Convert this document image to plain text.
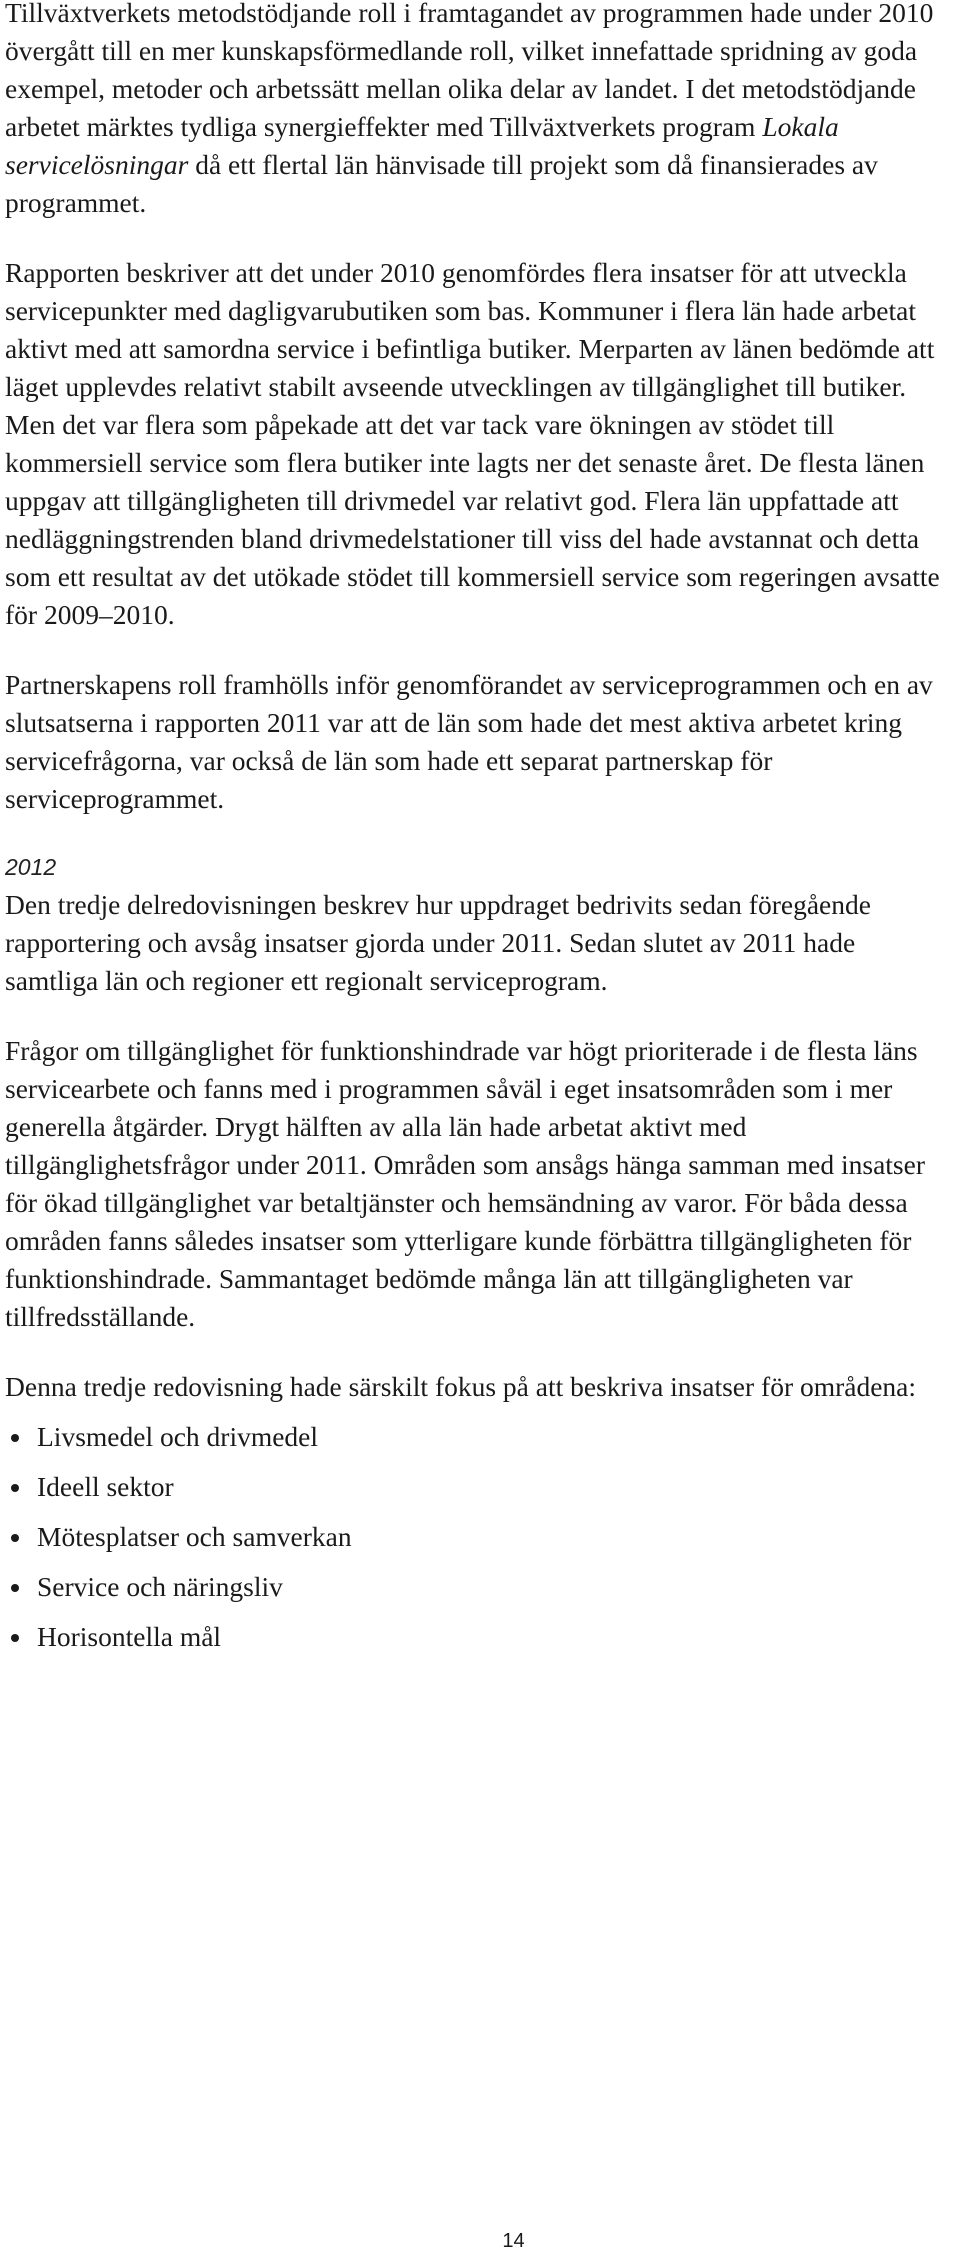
Tillväxtverkets metodstödjande roll i framtagandet av programmen hade under 2010 övergått till en mer kunskapsförmedlande roll, vilket innefattade spridning av goda exempel, metoder och arbetssätt mellan olika delar av landet. I det metodstödjande arbetet märktes tydliga synergieffekter med Tillväxtverkets program Lokala servicelösningar då ett flertal län hänvisade till projekt som då finansierades av programmet.

Rapporten beskriver att det under 2010 genomfördes flera insatser för att utveckla servicepunkter med dagligvarubutiken som bas. Kommuner i flera län hade arbetat aktivt med att samordna service i befintliga butiker. Merparten av länen bedömde att läget upplevdes relativt stabilt avseende utvecklingen av tillgänglighet till butiker. Men det var flera som påpekade att det var tack vare ökningen av stödet till kommersiell service som flera butiker inte lagts ner det senaste året. De flesta länen uppgav att tillgängligheten till drivmedel var relativt god. Flera län uppfattade att nedläggningstrenden bland drivmedelstationer till viss del hade avstannat och detta som ett resultat av det utökade stödet till kommersiell service som regeringen avsatte för 2009–2010.

Partnerskapens roll framhölls inför genomförandet av serviceprogrammen och en av slutsatserna i rapporten 2011 var att de län som hade det mest aktiva arbetet kring servicefrågorna, var också de län som hade ett separat partnerskap för serviceprogrammet.

2012

Den tredje delredovisningen beskrev hur uppdraget bedrivits sedan föregående rapportering och avsåg insatser gjorda under 2011. Sedan slutet av 2011 hade samtliga län och regioner ett regionalt serviceprogram.

Frågor om tillgänglighet för funktionshindrade var högt prioriterade i de flesta läns servicearbete och fanns med i programmen såväl i eget insatsområden som i mer generella åtgärder. Drygt hälften av alla län hade arbetat aktivt med tillgänglighetsfrågor under 2011. Områden som ansågs hänga samman med insatser för ökad tillgänglighet var betaltjänster och hemsändning av varor. För båda dessa områden fanns således insatser som ytterligare kunde förbättra tillgängligheten för funktionshindrade. Sammantaget bedömde många län att tillgängligheten var tillfredsställande.

Denna tredje redovisning hade särskilt fokus på att beskriva insatser för områdena:

Livsmedel och drivmedel
Ideell sektor
Mötesplatser och samverkan
Service och näringsliv
Horisontella mål
14
